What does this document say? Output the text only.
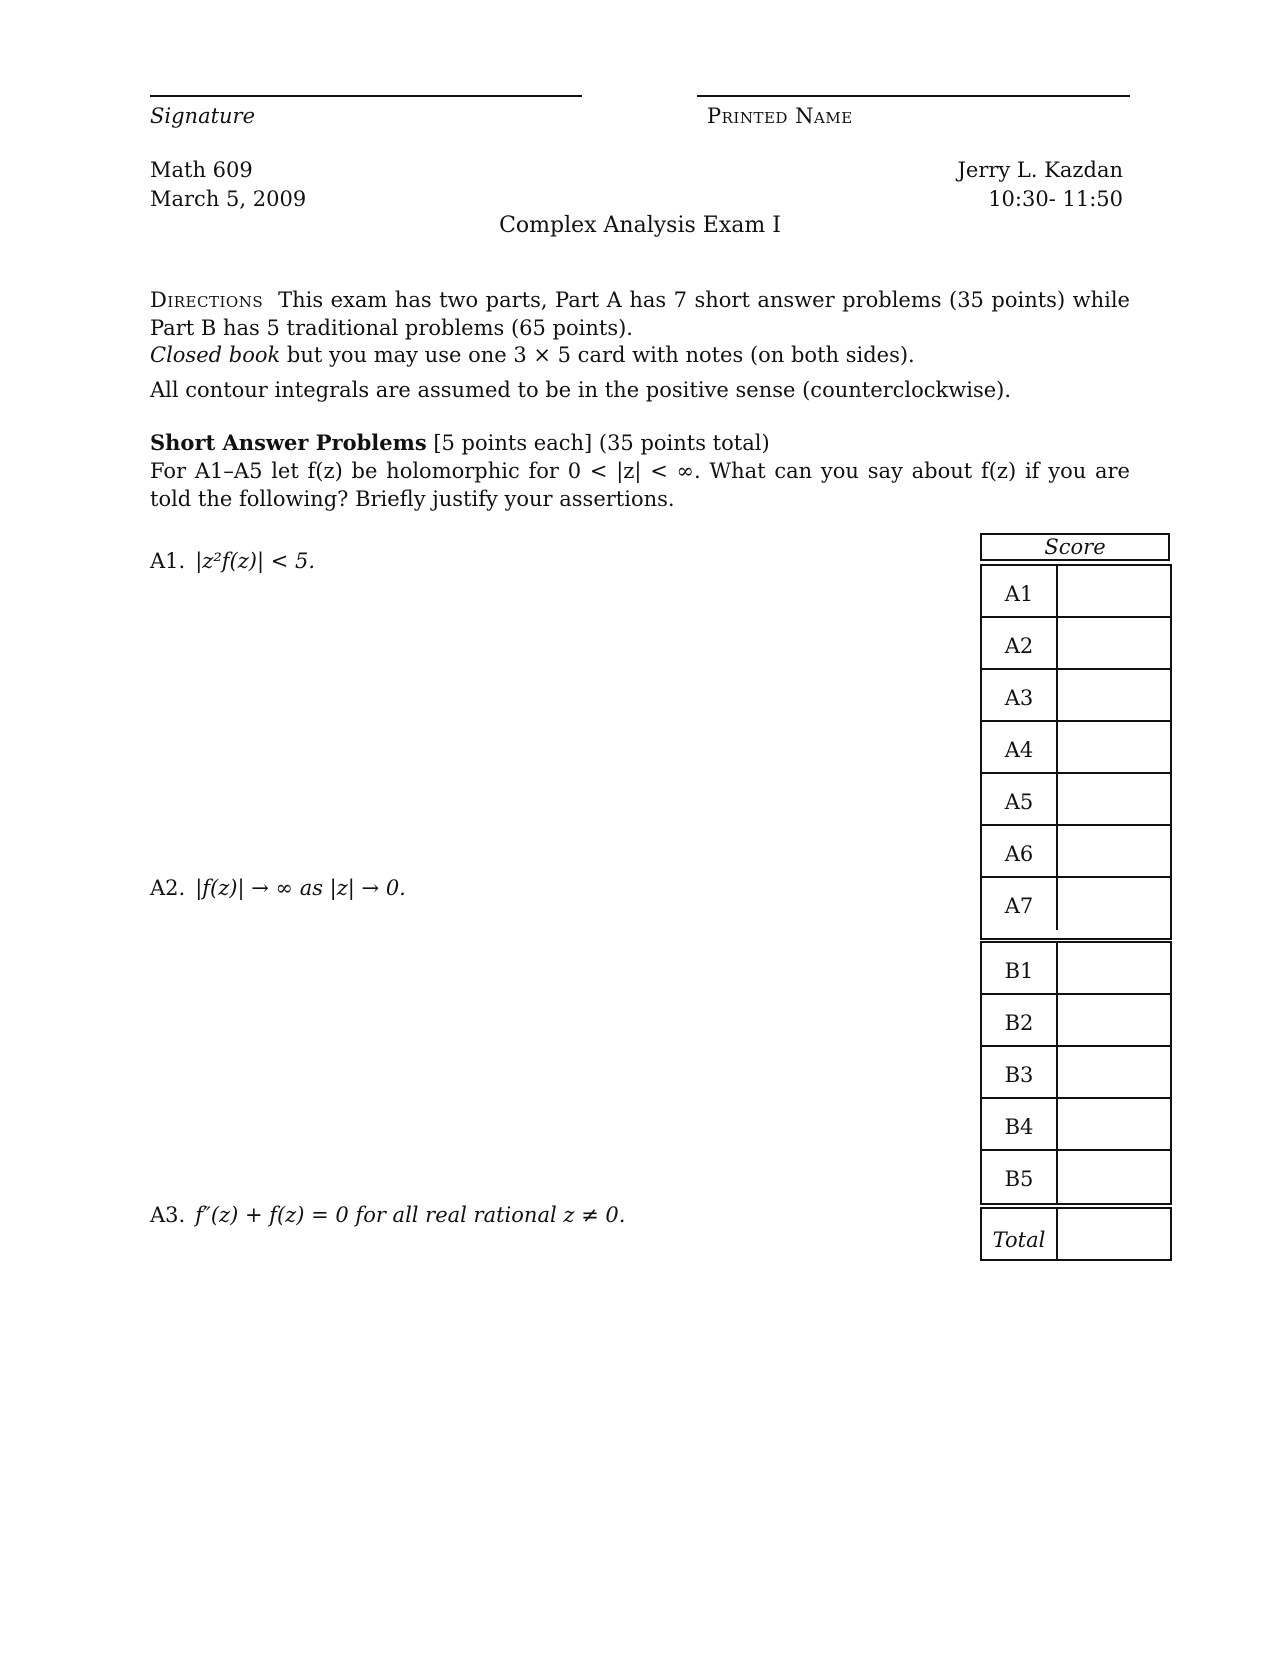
Signature	Printed Name
Math 609
March 5, 2009
Jerry L. Kazdan
10:30- 11:50
Complex Analysis Exam I
Directions This exam has two parts, Part A has 7 short answer problems (35 points) while Part B has 5 traditional problems (65 points).
Closed book but you may use one 3 × 5 card with notes (on both sides).
All contour integrals are assumed to be in the positive sense (counterclockwise).
Short Answer Problems [5 points each] (35 points total)
For A1–A5 let f(z) be holomorphic for 0 < |z| < ∞. What can you say about f(z) if you are told the following? Briefly justify your assertions.
A1. |z²f(z)| < 5.
A2. |f(z)| → ∞ as |z| → 0.
A3. f″(z) + f(z) = 0 for all real rational z ≠ 0.
Score
A1
A2
A3
A4
A5
A6
A7
B1
B2
B3
B4
B5
Total
